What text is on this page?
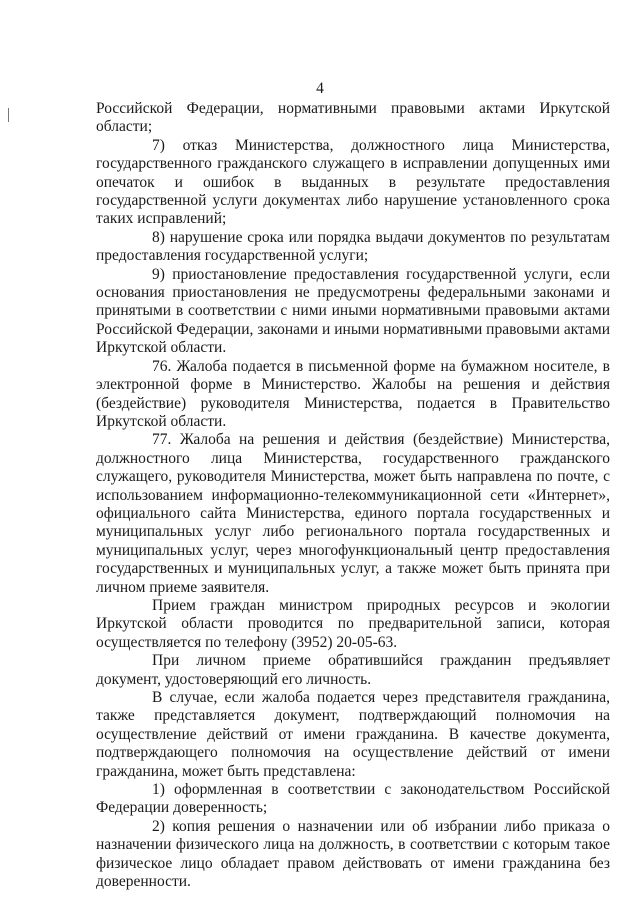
4

Российской Федерации, нормативными правовыми актами Иркутской области;

7) отказ Министерства, должностного лица Министерства, государственного гражданского служащего в исправлении допущенных ими опечаток и ошибок в выданных в результате предоставления государственной услуги документах либо нарушение установленного срока таких исправлений;

8) нарушение срока или порядка выдачи документов по результатам предоставления государственной услуги;

9) приостановление предоставления государственной услуги, если основания приостановления не предусмотрены федеральными законами и принятыми в соответствии с ними иными нормативными правовыми актами Российской Федерации, законами и иными нормативными правовыми актами Иркутской области.

76. Жалоба подается в письменной форме на бумажном носителе, в электронной форме в Министерство. Жалобы на решения и действия (бездействие) руководителя Министерства, подается в Правительство Иркутской области.

77. Жалоба на решения и действия (бездействие) Министерства, должностного лица Министерства, государственного гражданского служащего, руководителя Министерства, может быть направлена по почте, с использованием информационно-телекоммуникационной сети «Интернет», официального сайта Министерства, единого портала государственных и муниципальных услуг либо регионального портала государственных и муниципальных услуг, через многофункциональный центр предоставления государственных и муниципальных услуг, а также может быть принята при личном приеме заявителя.

Прием граждан министром природных ресурсов и экологии Иркутской области проводится по предварительной записи, которая осуществляется по телефону (3952) 20-05-63.

При личном приеме обратившийся гражданин предъявляет документ, удостоверяющий его личность.

В случае, если жалоба подается через представителя гражданина, также представляется документ, подтверждающий полномочия на осуществление действий от имени гражданина. В качестве документа, подтверждающего полномочия на осуществление действий от имени гражданина, может быть представлена:

1) оформленная в соответствии с законодательством Российской Федерации доверенность;

2) копия решения о назначении или об избрании либо приказа о назначении физического лица на должность, в соответствии с которым такое физическое лицо обладает правом действовать от имени гражданина без доверенности.
